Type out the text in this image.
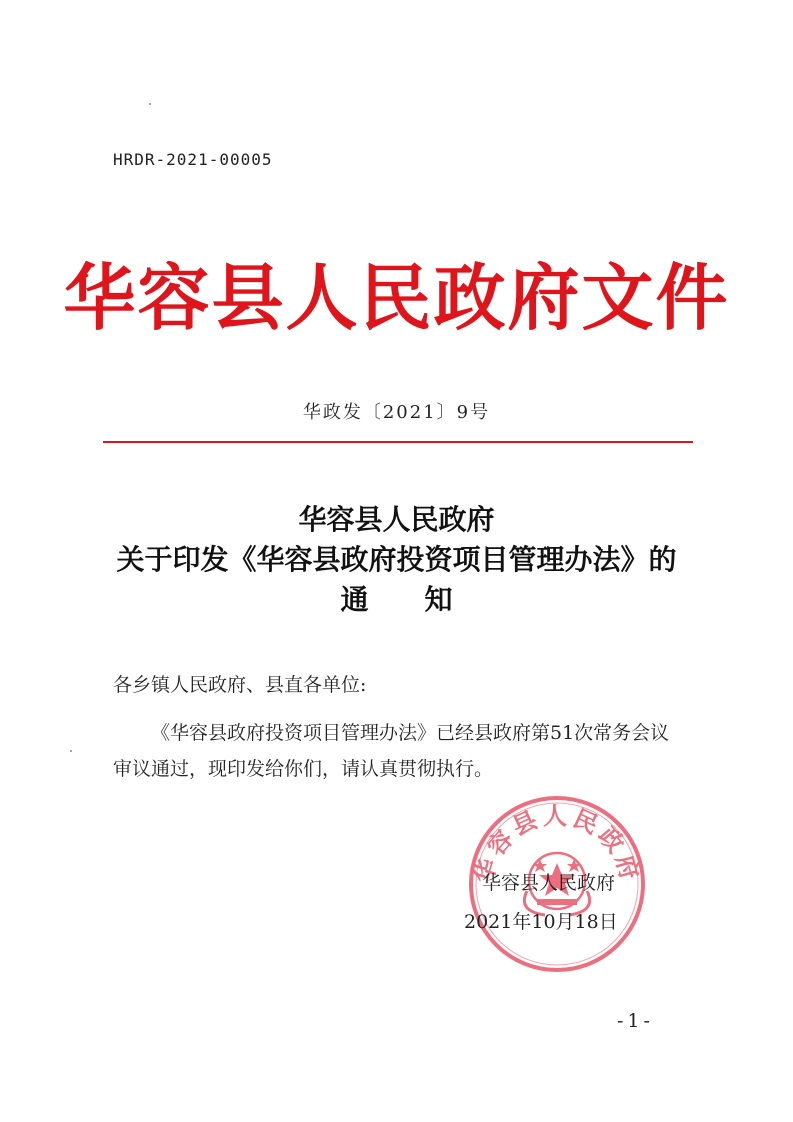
HRDR-2021-00005
华容县人民政府文件
华政发〔2021〕9号
华容县人民政府
关于印发《华容县政府投资项目管理办法》的
通知
各乡镇人民政府、县直各单位:
《华容县政府投资项目管理办法》已经县政府第51次常务会议审议通过，现印发给你们，请认真贯彻执行。
华容县人民政府
华容县人民政府
2021年10月18日
-1-
